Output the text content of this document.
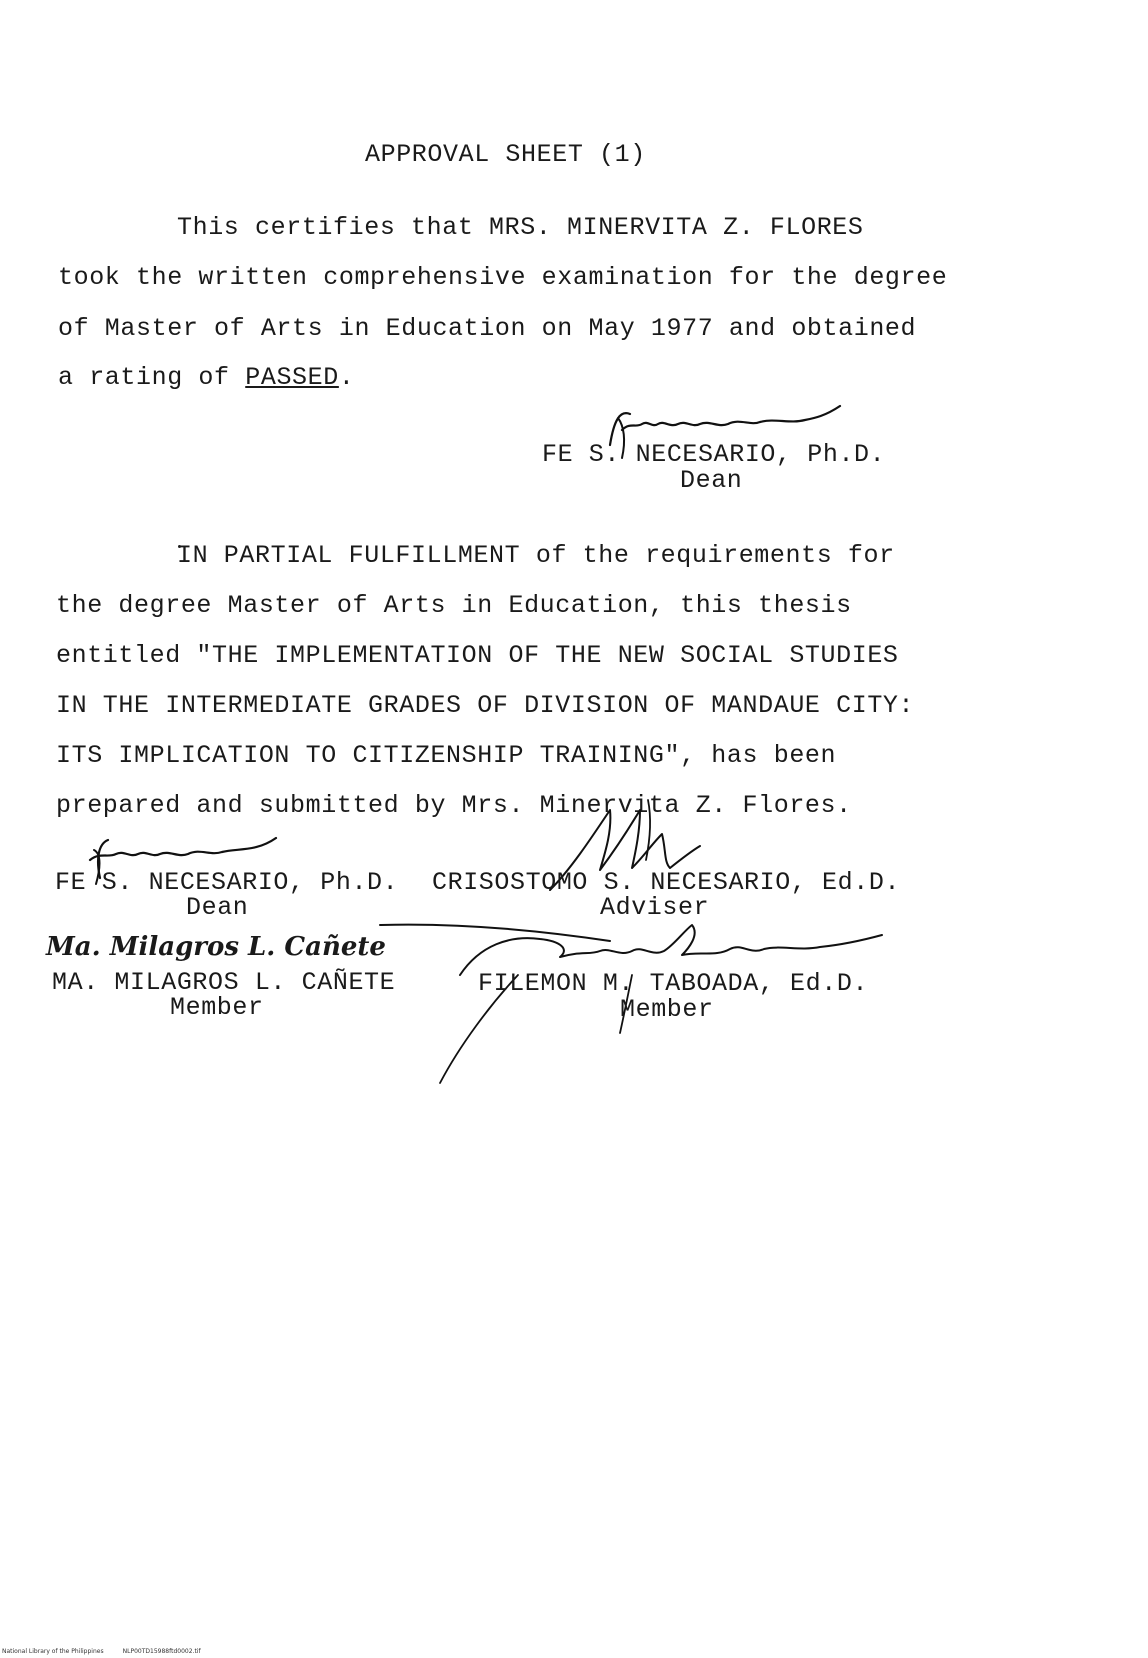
APPROVAL SHEET (1)
This certifies that MRS. MINERVITA Z. FLORES
took the written comprehensive examination for the degree
of Master of Arts in Education on May 1977 and obtained
a rating of PASSED.
FE S. NECESARIO, Ph.D.
Dean
IN PARTIAL FULFILLMENT of the requirements for
the degree Master of Arts in Education, this thesis
entitled "THE IMPLEMENTATION OF THE NEW SOCIAL STUDIES
IN THE INTERMEDIATE GRADES OF DIVISION OF MANDAUE CITY:
ITS IMPLICATION TO CITIZENSHIP TRAINING", has been
prepared and submitted by Mrs. Minervita Z. Flores.
FE S. NECESARIO, Ph.D.
Dean
CRISOSTOMO S. NECESARIO, Ed.D.
Adviser
Ma. Milagros L. Cañete
MA. MILAGROS L. CAÑETE
Member
FILEMON M. TABOADA, Ed.D.
Member
National Library of the Philippines	NLP00TD15988ftd0002.tif
